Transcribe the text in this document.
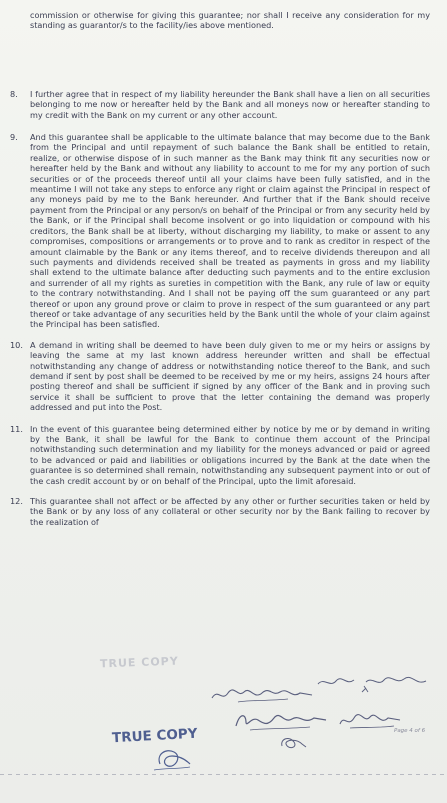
commission or otherwise for giving this guarantee; nor shall I receive any consideration for my standing as guarantor/s to the facility/ies above mentioned.

8. I further agree that in respect of my liability hereunder the Bank shall have a lien on all securities belonging to me now or hereafter held by the Bank and all moneys now or hereafter standing to my credit with the Bank on my current or any other account.
9. And this guarantee shall be applicable to the ultimate balance that may become due to the Bank from the Principal and until repayment of such balance the Bank shall be entitled to retain, realize, or otherwise dispose of in such manner as the Bank may think fit any securities now or hereafter held by the Bank and without any liability to account to me for my any portion of such securities or of the proceeds thereof until all your claims have been fully satisfied, and in the meantime I will not take any steps to enforce any right or claim against the Principal in respect of any moneys paid by me to the Bank hereunder. And further that if the Bank should receive payment from the Principal or any person/s on behalf of the Principal or from any security held by the Bank, or if the Principal shall become insolvent or go into liquidation or compound with his creditors, the Bank shall be at liberty, without discharging my liability, to make or assent to any compromises, compositions or arrangements or to prove and to rank as creditor in respect of the amount claimable by the Bank or any items thereof, and to receive dividends thereupon and all such payments and dividends received shall be treated as payments in gross and my liability shall extend to the ultimate balance after deducting such payments and to the entire exclusion and surrender of all my rights as sureties in competition with the Bank, any rule of law or equity to the contrary notwithstanding. And I shall not be paying off the sum guaranteed or any part thereof or upon any ground prove or claim to prove in respect of the sum guaranteed or any part thereof or take advantage of any securities held by the Bank until the whole of your claim against the Principal has been satisfied.
10. A demand in writing shall be deemed to have been duly given to me or my heirs or assigns by leaving the same at my last known address hereunder written and shall be effectual notwithstanding any change of address or notwithstanding notice thereof to the Bank, and such demand if sent by post shall be deemed to be received by me or my heirs, assigns 24 hours after posting thereof and shall be sufficient if signed by any officer of the Bank and in proving such service it shall be sufficient to prove that the letter containing the demand was properly addressed and put into the Post.
11. In the event of this guarantee being determined either by notice by me or by demand in writing by the Bank, it shall be lawful for the Bank to continue them account of the Principal notwithstanding such determination and my liability for the moneys advanced or paid or agreed to be advanced or paid and liabilities or obligations incurred by the Bank at the date when the guarantee is so determined shall remain, notwithstanding any subsequent payment into or out of the cash credit account by or on behalf of the Principal, upto the limit aforesaid.
12. This guarantee shall not affect or be affected by any other or further securities taken or held by the Bank or by any loss of any collateral or other security nor by the Bank failing to recover by the realization of
TRUE COPY
Page 4 of 6
TRUE COPY
